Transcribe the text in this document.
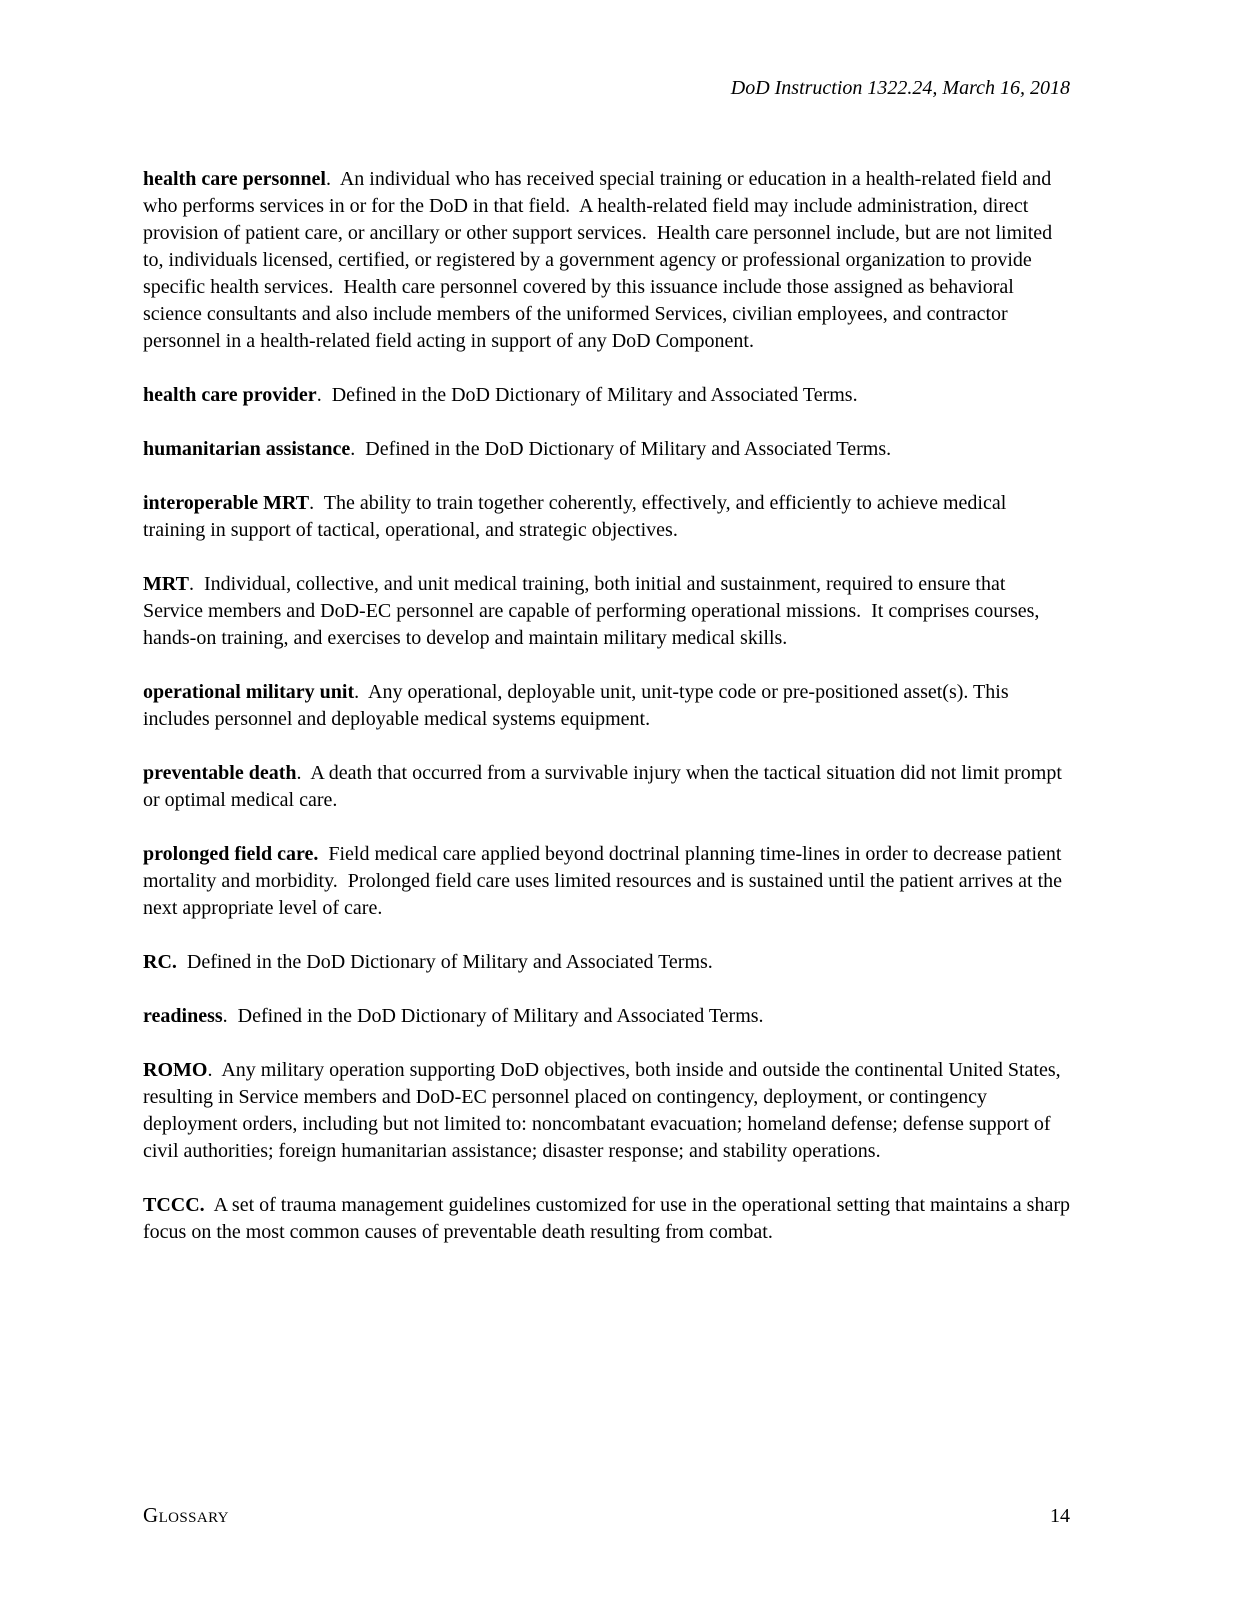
DoD Instruction 1322.24, March 16, 2018

health care personnel.  An individual who has received special training or education in a health-related field and who performs services in or for the DoD in that field.  A health-related field may include administration, direct provision of patient care, or ancillary or other support services.  Health care personnel include, but are not limited to, individuals licensed, certified, or registered by a government agency or professional organization to provide specific health services.  Health care personnel covered by this issuance include those assigned as behavioral science consultants and also include members of the uniformed Services, civilian employees, and contractor personnel in a health-related field acting in support of any DoD Component.

health care provider.  Defined in the DoD Dictionary of Military and Associated Terms.

humanitarian assistance.  Defined in the DoD Dictionary of Military and Associated Terms.

interoperable MRT.  The ability to train together coherently, effectively, and efficiently to achieve medical training in support of tactical, operational, and strategic objectives.

MRT.  Individual, collective, and unit medical training, both initial and sustainment, required to ensure that Service members and DoD-EC personnel are capable of performing operational missions.  It comprises courses, hands-on training, and exercises to develop and maintain military medical skills.

operational military unit.  Any operational, deployable unit, unit-type code or pre-positioned asset(s). This includes personnel and deployable medical systems equipment.

preventable death.  A death that occurred from a survivable injury when the tactical situation did not limit prompt or optimal medical care.

prolonged field care. Field medical care applied beyond doctrinal planning time-lines in order to decrease patient mortality and morbidity.  Prolonged field care uses limited resources and is sustained until the patient arrives at the next appropriate level of care.

RC. Defined in the DoD Dictionary of Military and Associated Terms.

readiness.  Defined in the DoD Dictionary of Military and Associated Terms.

ROMO.  Any military operation supporting DoD objectives, both inside and outside the continental United States, resulting in Service members and DoD-EC personnel placed on contingency, deployment, or contingency deployment orders, including but not limited to: noncombatant evacuation; homeland defense; defense support of civil authorities; foreign humanitarian assistance; disaster response; and stability operations.

TCCC. A set of trauma management guidelines customized for use in the operational setting that maintains a sharp focus on the most common causes of preventable death resulting from combat.

Glossary	14
